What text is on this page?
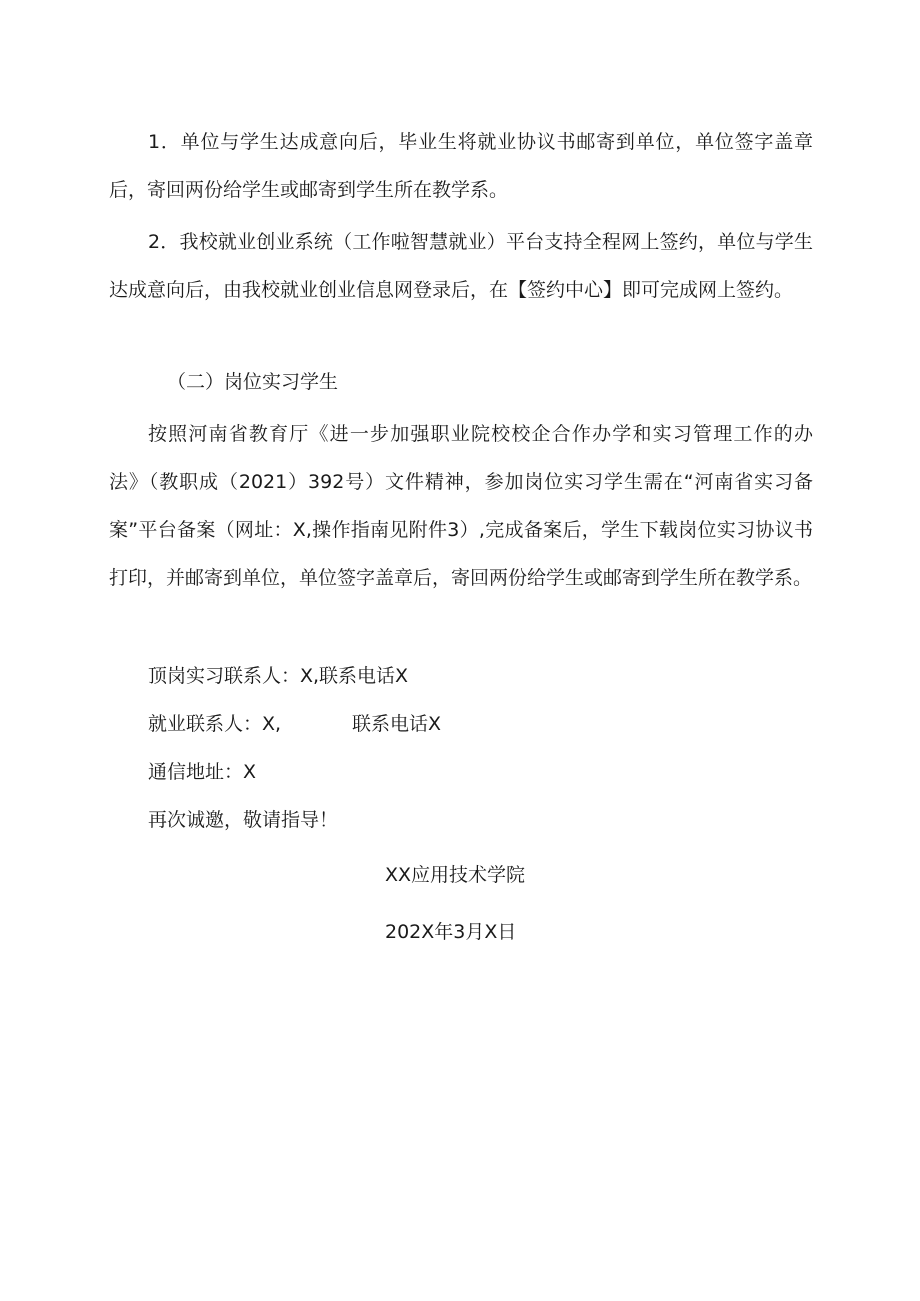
1．单位与学生达成意向后，毕业生将就业协议书邮寄到单位，单位签字盖章后，寄回两份给学生或邮寄到学生所在教学系。

2．我校就业创业系统（工作啦智慧就业）平台支持全程网上签约，单位与学生达成意向后，由我校就业创业信息网登录后，在【签约中心】即可完成网上签约。

（二）岗位实习学生

按照河南省教育厅《进一步加强职业院校校企合作办学和实习管理工作的办法》（教职成（2021）392号）文件精神，参加岗位实习学生需在“河南省实习备案”平台备案（网址：X,操作指南见附件3）,完成备案后，学生下载岗位实习协议书打印，并邮寄到单位，单位签字盖章后，寄回两份给学生或邮寄到学生所在教学系。

顶岗实习联系人：X,联系电话X

就业联系人：X,	联系电话X

通信地址：X

再次诚邀，敬请指导！

XX应用技术学院

202X年3月X日
